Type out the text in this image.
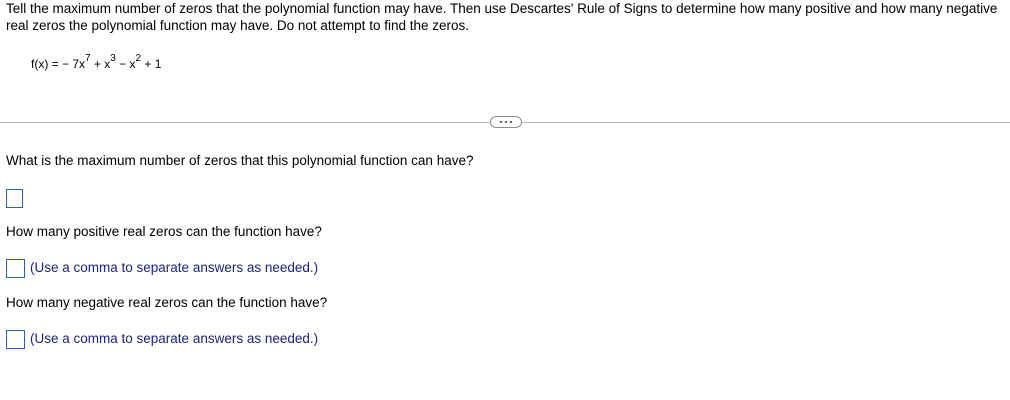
Tell the maximum number of zeros that the polynomial function may have. Then use Descartes' Rule of Signs to determine how many positive and how many negative real zeros the polynomial function may have. Do not attempt to find the zeros.

f(x) = − $7x^7 + x^3 - x^2 + 1$

What is the maximum number of zeros that this polynomial function can have?

How many positive real zeros can the function have?

(Use a comma to separate answers as needed.)

How many negative real zeros can the function have?

(Use a comma to separate answers as needed.)
